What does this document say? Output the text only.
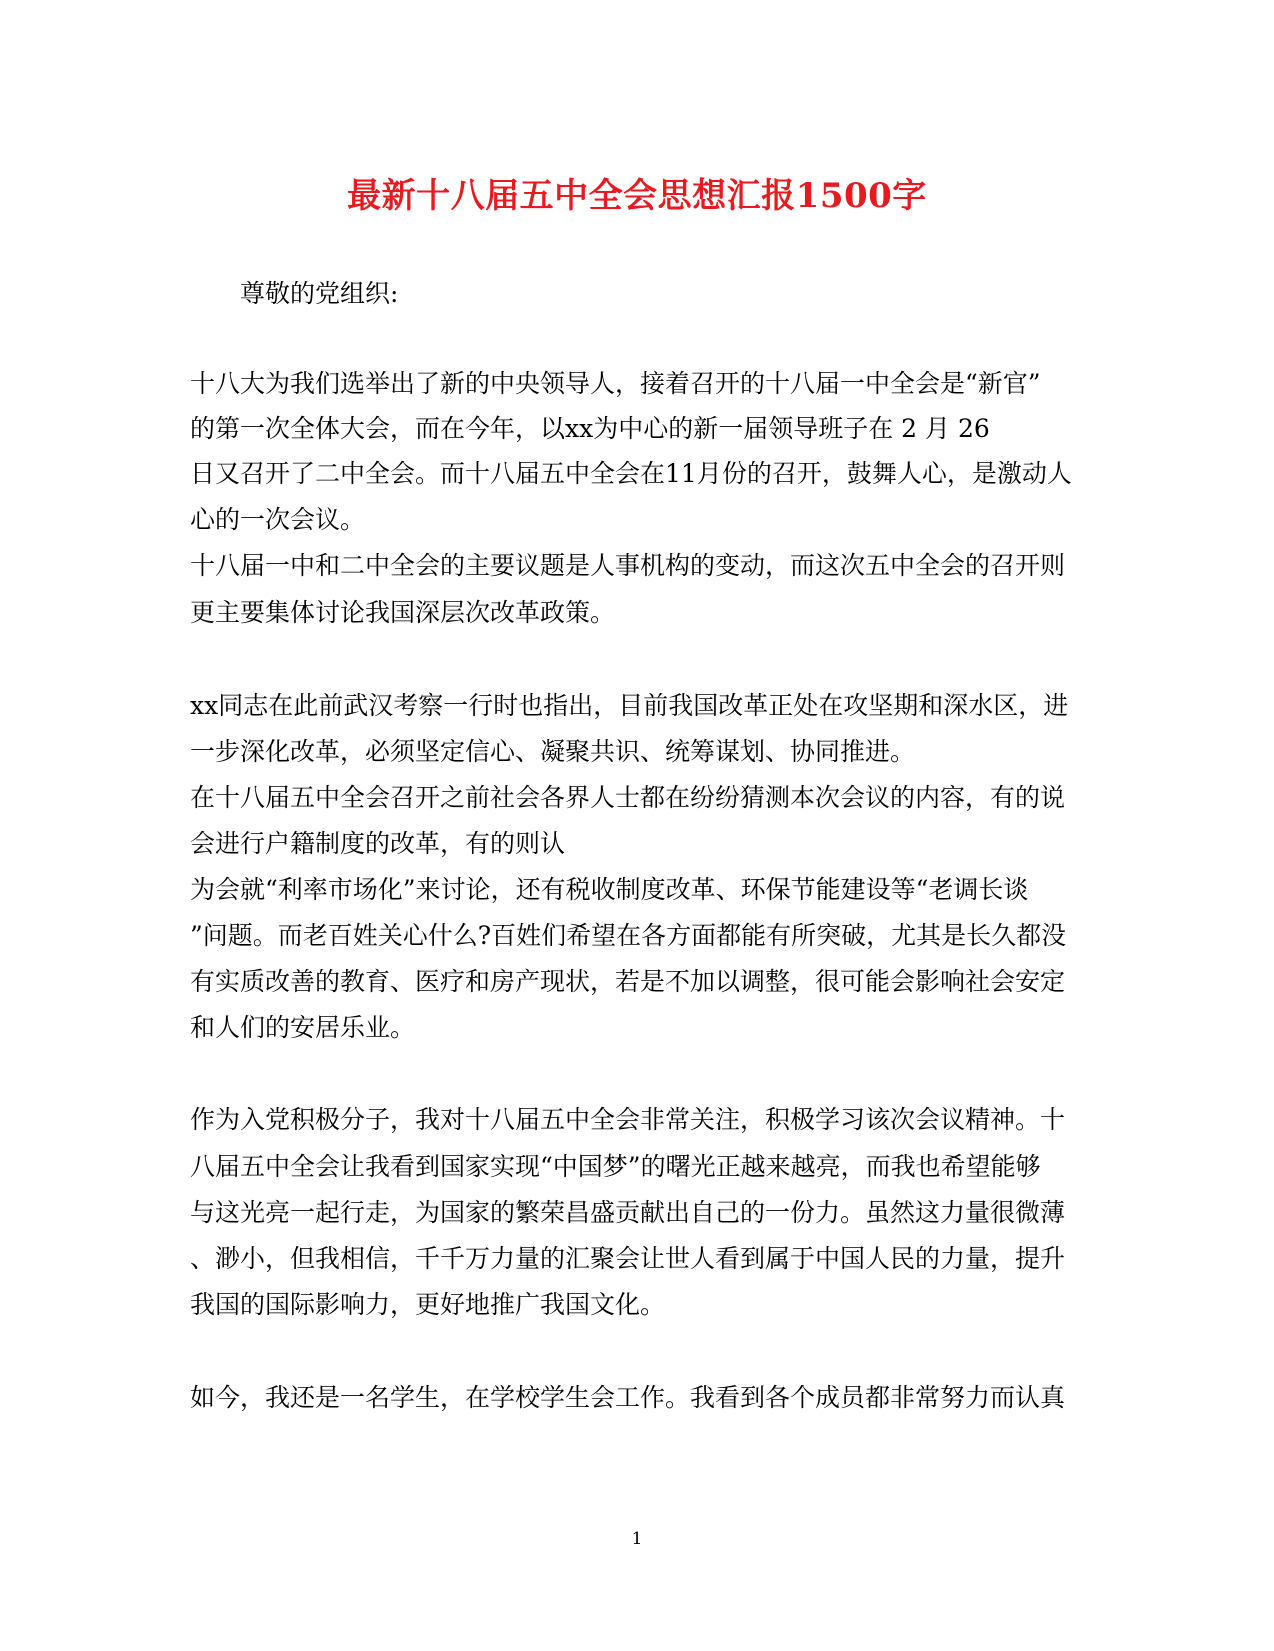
最新十八届五中全会思想汇报1500字
尊敬的党组织:
十八大为我们选举出了新的中央领导人，接着召开的十八届一中全会是“新官”
的第一次全体大会，而在今年，以xx为中心的新一届领导班子在 2 月 26
日又召开了二中全会。而十八届五中全会在11月份的召开，鼓舞人心，是激动人
心的一次会议。
十八届一中和二中全会的主要议题是人事机构的变动，而这次五中全会的召开则
更主要集体讨论我国深层次改革政策。
xx同志在此前武汉考察一行时也指出，目前我国改革正处在攻坚期和深水区，进
一步深化改革，必须坚定信心、凝聚共识、统筹谋划、协同推进。
在十八届五中全会召开之前社会各界人士都在纷纷猜测本次会议的内容，有的说
会进行户籍制度的改革，有的则认
为会就“利率市场化”来讨论，还有税收制度改革、环保节能建设等“老调长谈
”问题。而老百姓关心什么?百姓们希望在各方面都能有所突破，尤其是长久都没
有实质改善的教育、医疗和房产现状，若是不加以调整，很可能会影响社会安定
和人们的安居乐业。
作为入党积极分子，我对十八届五中全会非常关注，积极学习该次会议精神。十
八届五中全会让我看到国家实现“中国梦”的曙光正越来越亮，而我也希望能够
与这光亮一起行走，为国家的繁荣昌盛贡献出自己的一份力。虽然这力量很微薄
、渺小，但我相信，千千万力量的汇聚会让世人看到属于中国人民的力量，提升
我国的国际影响力，更好地推广我国文化。
如今，我还是一名学生，在学校学生会工作。我看到各个成员都非常努力而认真
1
